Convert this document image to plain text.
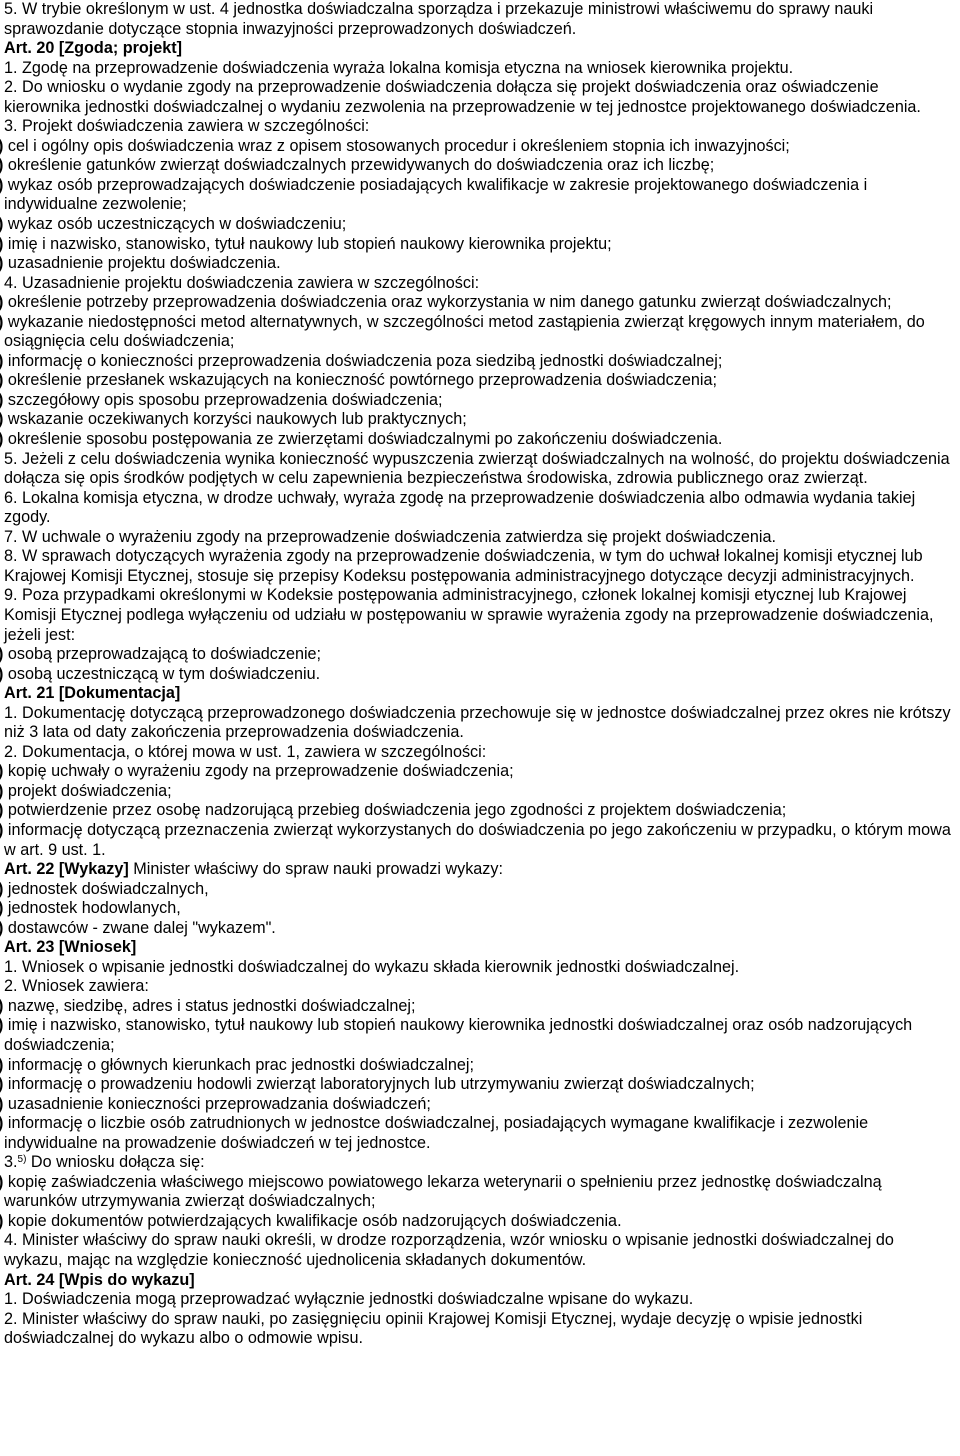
5. W trybie określonym w ust. 4 jednostka doświadczalna sporządza i przekazuje ministrowi właściwemu do sprawy nauki sprawozdanie dotyczące stopnia inwazyjności przeprowadzonych doświadczeń.

Art. 20 [Zgoda; projekt]

1. Zgodę na przeprowadzenie doświadczenia wyraża lokalna komisja etyczna na wniosek kierownika projektu.

2. Do wniosku o wydanie zgody na przeprowadzenie doświadczenia dołącza się projekt doświadczenia oraz oświadczenie kierownika jednostki doświadczalnej o wydaniu zezwolenia na przeprowadzenie w tej jednostce projektowanego doświadczenia.

3. Projekt doświadczenia zawiera w szczególności:

) cel i ogólny opis doświadczenia wraz z opisem stosowanych procedur i określeniem stopnia ich inwazyjności;

) określenie gatunków zwierząt doświadczalnych przewidywanych do doświadczenia oraz ich liczbę;

) wykaz osób przeprowadzających doświadczenie posiadających kwalifikacje w zakresie projektowanego doświadczenia i indywidualne zezwolenie;

) wykaz osób uczestniczących w doświadczeniu;

) imię i nazwisko, stanowisko, tytuł naukowy lub stopień naukowy kierownika projektu;

) uzasadnienie projektu doświadczenia.

4. Uzasadnienie projektu doświadczenia zawiera w szczególności:

) określenie potrzeby przeprowadzenia doświadczenia oraz wykorzystania w nim danego gatunku zwierząt doświadczalnych;

) wykazanie niedostępności metod alternatywnych, w szczególności metod zastąpienia zwierząt kręgowych innym materiałem, do osiągnięcia celu doświadczenia;

) informację o konieczności przeprowadzenia doświadczenia poza siedzibą jednostki doświadczalnej;

) określenie przesłanek wskazujących na konieczność powtórnego przeprowadzenia doświadczenia;

) szczegółowy opis sposobu przeprowadzenia doświadczenia;

) wskazanie oczekiwanych korzyści naukowych lub praktycznych;

) określenie sposobu postępowania ze zwierzętami doświadczalnymi po zakończeniu doświadczenia.

5. Jeżeli z celu doświadczenia wynika konieczność wypuszczenia zwierząt doświadczalnych na wolność, do projektu doświadczenia dołącza się opis środków podjętych w celu zapewnienia bezpieczeństwa środowiska, zdrowia publicznego oraz zwierząt.

6. Lokalna komisja etyczna, w drodze uchwały, wyraża zgodę na przeprowadzenie doświadczenia albo odmawia wydania takiej zgody.

7. W uchwale o wyrażeniu zgody na przeprowadzenie doświadczenia zatwierdza się projekt doświadczenia.

8. W sprawach dotyczących wyrażenia zgody na przeprowadzenie doświadczenia, w tym do uchwał lokalnej komisji etycznej lub Krajowej Komisji Etycznej, stosuje się przepisy Kodeksu postępowania administracyjnego dotyczące decyzji administracyjnych.

9. Poza przypadkami określonymi w Kodeksie postępowania administracyjnego, członek lokalnej komisji etycznej lub Krajowej Komisji Etycznej podlega wyłączeniu od udziału w postępowaniu w sprawie wyrażenia zgody na przeprowadzenie doświadczenia, jeżeli jest:

) osobą przeprowadzającą to doświadczenie;

) osobą uczestniczącą w tym doświadczeniu.

Art. 21 [Dokumentacja]

1. Dokumentację dotyczącą przeprowadzonego doświadczenia przechowuje się w jednostce doświadczalnej przez okres nie krótszy niż 3 lata od daty zakończenia przeprowadzenia doświadczenia.

2. Dokumentacja, o której mowa w ust. 1, zawiera w szczególności:

) kopię uchwały o wyrażeniu zgody na przeprowadzenie doświadczenia;

) projekt doświadczenia;

) potwierdzenie przez osobę nadzorującą przebieg doświadczenia jego zgodności z projektem doświadczenia;

) informację dotyczącą przeznaczenia zwierząt wykorzystanych do doświadczenia po jego zakończeniu w przypadku, o którym mowa w art. 9 ust. 1.

Art. 22 [Wykazy] Minister właściwy do spraw nauki prowadzi wykazy:

) jednostek doświadczalnych,

) jednostek hodowlanych,

) dostawców - zwane dalej "wykazem".

Art. 23 [Wniosek]

1. Wniosek o wpisanie jednostki doświadczalnej do wykazu składa kierownik jednostki doświadczalnej.

2. Wniosek zawiera:

) nazwę, siedzibę, adres i status jednostki doświadczalnej;

) imię i nazwisko, stanowisko, tytuł naukowy lub stopień naukowy kierownika jednostki doświadczalnej oraz osób nadzorujących doświadczenia;

) informację o głównych kierunkach prac jednostki doświadczalnej;

) informację o prowadzeniu hodowli zwierząt laboratoryjnych lub utrzymywaniu zwierząt doświadczalnych;

) uzasadnienie konieczności przeprowadzania doświadczeń;

) informację o liczbie osób zatrudnionych w jednostce doświadczalnej, posiadających wymagane kwalifikacje i zezwolenie indywidualne na prowadzenie doświadczeń w tej jednostce.

3.$^{5)}$ Do wniosku dołącza się:

) kopię zaświadczenia właściwego miejscowo powiatowego lekarza weterynarii o spełnieniu przez jednostkę doświadczalną warunków utrzymywania zwierząt doświadczalnych;

) kopie dokumentów potwierdzających kwalifikacje osób nadzorujących doświadczenia.

4. Minister właściwy do spraw nauki określi, w drodze rozporządzenia, wzór wniosku o wpisanie jednostki doświadczalnej do wykazu, mając na względzie konieczność ujednolicenia składanych dokumentów.

Art. 24 [Wpis do wykazu]

1. Doświadczenia mogą przeprowadzać wyłącznie jednostki doświadczalne wpisane do wykazu.

2. Minister właściwy do spraw nauki, po zasięgnięciu opinii Krajowej Komisji Etycznej, wydaje decyzję o wpisie jednostki doświadczalnej do wykazu albo o odmowie wpisu.
